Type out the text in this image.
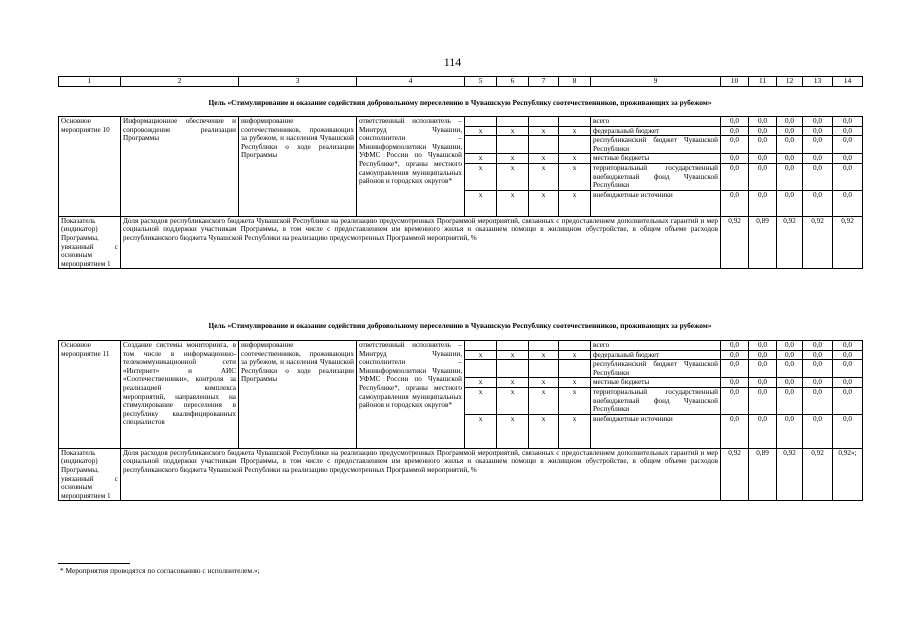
114
1	2	3	4	5	6	7	8	9	10	11	12	13	14
Цель «Стимулирование и оказание содействия добровольному переселению в Чувашскую Республику соотечественников, проживающих за рубежом»
Основное мероприятие 10	Информационное обеспечение и сопровождение реализации Программы	информирование соотечественников, проживающих за рубежом, и населения Чувашской Республики о ходе реализации Программы	ответственный исполнитель – Минтруд Чувашии, соисполнители – Мининформполитики Чувашии, УФМС России по Чувашской Республике*, органы местного самоуправления муниципальных районов и городских округов*					всего	0,0	0,0	0,0	0,0	0,0
				x	x	x	x	федеральный бюджет	0,0	0,0	0,0	0,0	0,0
								республиканский бюджет Чувашской Республики	0,0	0,0	0,0	0,0	0,0
				x	x	x	x	местные бюджеты	0,0	0,0	0,0	0,0	0,0
				x	x	x	x	территориальный государственный внебюджетный фонд Чувашской Республики	0,0	0,0	0,0	0,0	0,0
				x	x	x	x	внебюджетные источники	0,0	0,0	0,0	0,0	0,0
Показатель (индикатор) Программы, увязанный с основным мероприятием 1	Доля расходов республиканского бюджета Чувашской Республики на реализацию предусмотренных Программой мероприятий, связанных с предоставлением дополнительных гарантий и мер социальной поддержки участникам Программы, в том числе с предоставлением им временного жилья и оказанием помощи в жилищном обустройстве, в общем объеме расходов республиканского бюджета Чувашской Республики на реализацию предусмотренных Программой мероприятий, %								0,92	0,89	0,92	0,92	0,92
Цель «Стимулирование и оказание содействия добровольному переселению в Чувашскую Республику соотечественников, проживающих за рубежом»
Основное мероприятие 11	Создание системы мониторинга, в том числе в информационно-телекоммуникационной сети «Интернет» и АИС «Соотечественники», контроля за реализацией комплекса мероприятий, направленных на стимулирование переселения в республику квалифицированных специалистов	информирование соотечественников, проживающих за рубежом, и населения Чувашской Республики о ходе реализации Программы	ответственный исполнитель – Минтруд Чувашии, соисполнители – Мининформполитики Чувашии, УФМС России по Чувашской Республике*, органы местного самоуправления муниципальных районов и городских округов*					всего	0,0	0,0	0,0	0,0	0,0
				x	x	x	x	федеральный бюджет	0,0	0,0	0,0	0,0	0,0
								республиканский бюджет Чувашской Республики	0,0	0,0	0,0	0,0	0,0
				x	x	x	x	местные бюджеты	0,0	0,0	0,0	0,0	0,0
				x	x	x	x	территориальный государственный внебюджетный фонд Чувашской Республики	0,0	0,0	0,0	0,0	0,0
				x	x	x	x	внебюджетные источники	0,0	0,0	0,0	0,0	0,0
Показатель (индикатор) Программы, увязанный с основным мероприятием 1	Доля расходов республиканского бюджета Чувашской Республики на реализацию предусмотренных Программой мероприятий, связанных с предоставлением дополнительных гарантий и мер социальной поддержки участникам Программы, в том числе с предоставлением им временного жилья и оказанием помощи в жилищном обустройстве, в общем объеме расходов республиканского бюджета Чувашской Республики на реализацию предусмотренных Программой мероприятий, %								0,92	0,89	0,92	0,92	0,92»;
* Мероприятия проводятся по согласованию с исполнителем.»;
